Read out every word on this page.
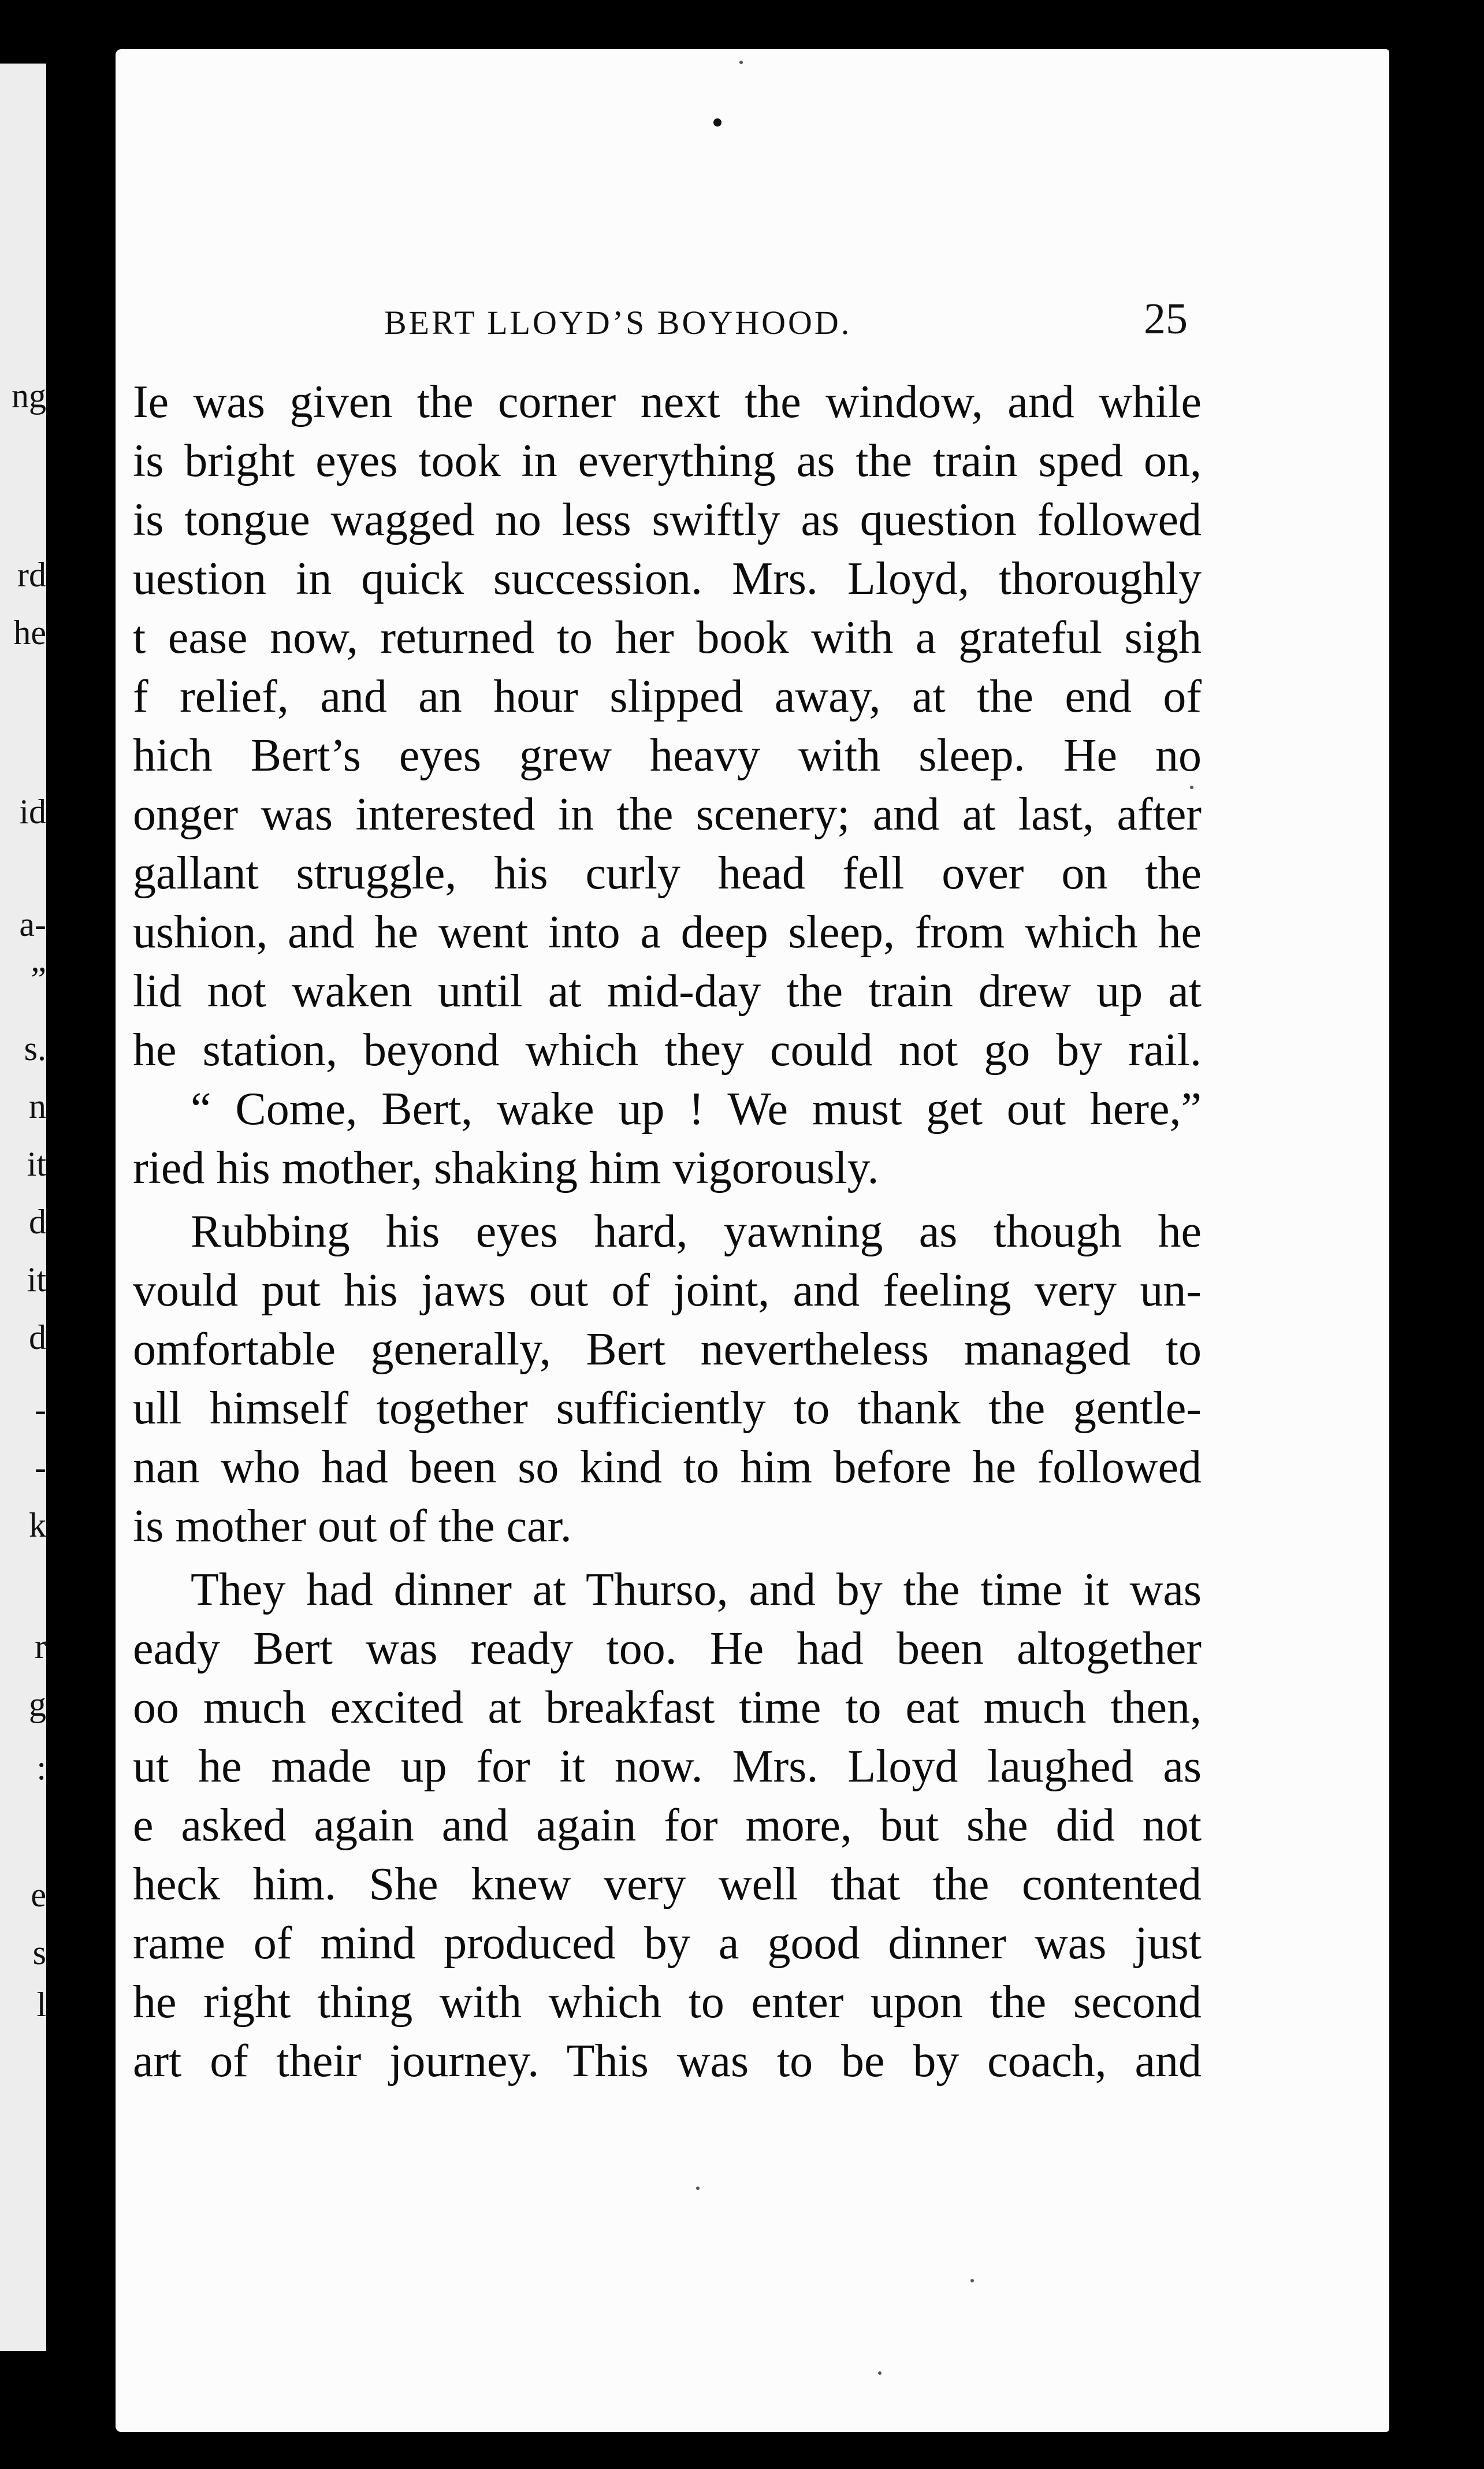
ng
rd
he
id
a-
”
s.
n
it
d
it
d
-
-
k
r
g
:
e
s
l
BERT LLOYD’S BOYHOOD.	25
Ie was given the corner next the window, and while
is bright eyes took in everything as the train sped on,
is tongue wagged no less swiftly as question followed
uestion in quick succession. Mrs. Lloyd, thoroughly
t ease now, returned to her book with a grateful sigh
f relief, and an hour slipped away, at the end of
hich Bert’s eyes grew heavy with sleep. He no
onger was interested in the scenery; and at last, after
gallant struggle, his curly head fell over on the
ushion, and he went into a deep sleep, from which he
lid not waken until at mid-day the train drew up at
he station, beyond which they could not go by rail.
“ Come, Bert, wake up ! We must get out here,”
ried his mother, shaking him vigorously.
Rubbing his eyes hard, yawning as though he
vould put his jaws out of joint, and feeling very un-
omfortable generally, Bert nevertheless managed to
ull himself together sufficiently to thank the gentle-
nan who had been so kind to him before he followed
is mother out of the car.
They had dinner at Thurso, and by the time it was
eady Bert was ready too. He had been altogether
oo much excited at breakfast time to eat much then,
ut he made up for it now. Mrs. Lloyd laughed as
e asked again and again for more, but she did not
heck him. She knew very well that the contented
rame of mind produced by a good dinner was just
he right thing with which to enter upon the second
art of their journey. This was to be by coach, and
